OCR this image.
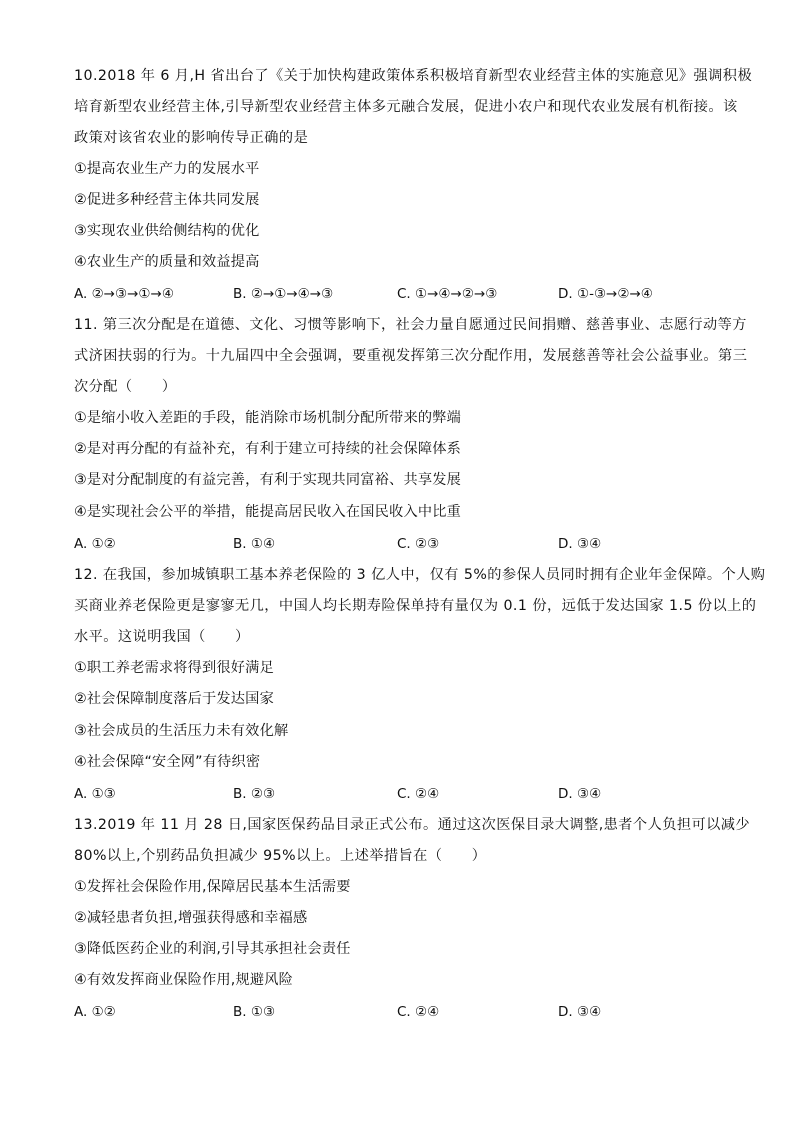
10.2018 年 6 月,H 省出台了《关于加快构建政策体系积极培育新型农业经营主体的实施意见》强调积极
培育新型农业经营主体,引导新型农业经营主体多元融合发展，促进小农户和现代农业发展有机衔接。该
政策对该省农业的影响传导正确的是
①提高农业生产力的发展水平
②促进多种经营主体共同发展
③实现农业供给侧结构的优化
④农业生产的质量和效益提高
A. ②→③→①→④	B. ②→①→④→③	C. ①→④→②→③	D. ①-③→②→④
11. 第三次分配是在道德、文化、习惯等影响下，社会力量自愿通过民间捐赠、慈善事业、志愿行动等方
式济困扶弱的行为。十九届四中全会强调，要重视发挥第三次分配作用，发展慈善等社会公益事业。第三
次分配（　　）
①是缩小收入差距的手段，能消除市场机制分配所带来的弊端
②是对再分配的有益补充，有利于建立可持续的社会保障体系
③是对分配制度的有益完善，有利于实现共同富裕、共享发展
④是实现社会公平的举措，能提高居民收入在国民收入中比重
A. ①②	B. ①④	C. ②③	D. ③④
12. 在我国，参加城镇职工基本养老保险的 3 亿人中，仅有 5%的参保人员同时拥有企业年金保障。个人购
买商业养老保险更是寥寥无几，中国人均长期寿险保单持有量仅为 0.1 份，远低于发达国家 1.5 份以上的
水平。这说明我国（　　）
①职工养老需求将得到很好满足
②社会保障制度落后于发达国家
③社会成员的生活压力未有效化解
④社会保障“安全网”有待织密
A. ①③	B. ②③	C. ②④	D. ③④
13.2019 年 11 月 28 日,国家医保药品目录正式公布。通过这次医保目录大调整,患者个人负担可以减少
80%以上,个别药品负担减少 95%以上。上述举措旨在（　　）
①发挥社会保险作用,保障居民基本生活需要
②减轻患者负担,增强获得感和幸福感
③降低医药企业的利润,引导其承担社会责任
④有效发挥商业保险作用,规避风险
A. ①②	B. ①③	C. ②④	D. ③④
